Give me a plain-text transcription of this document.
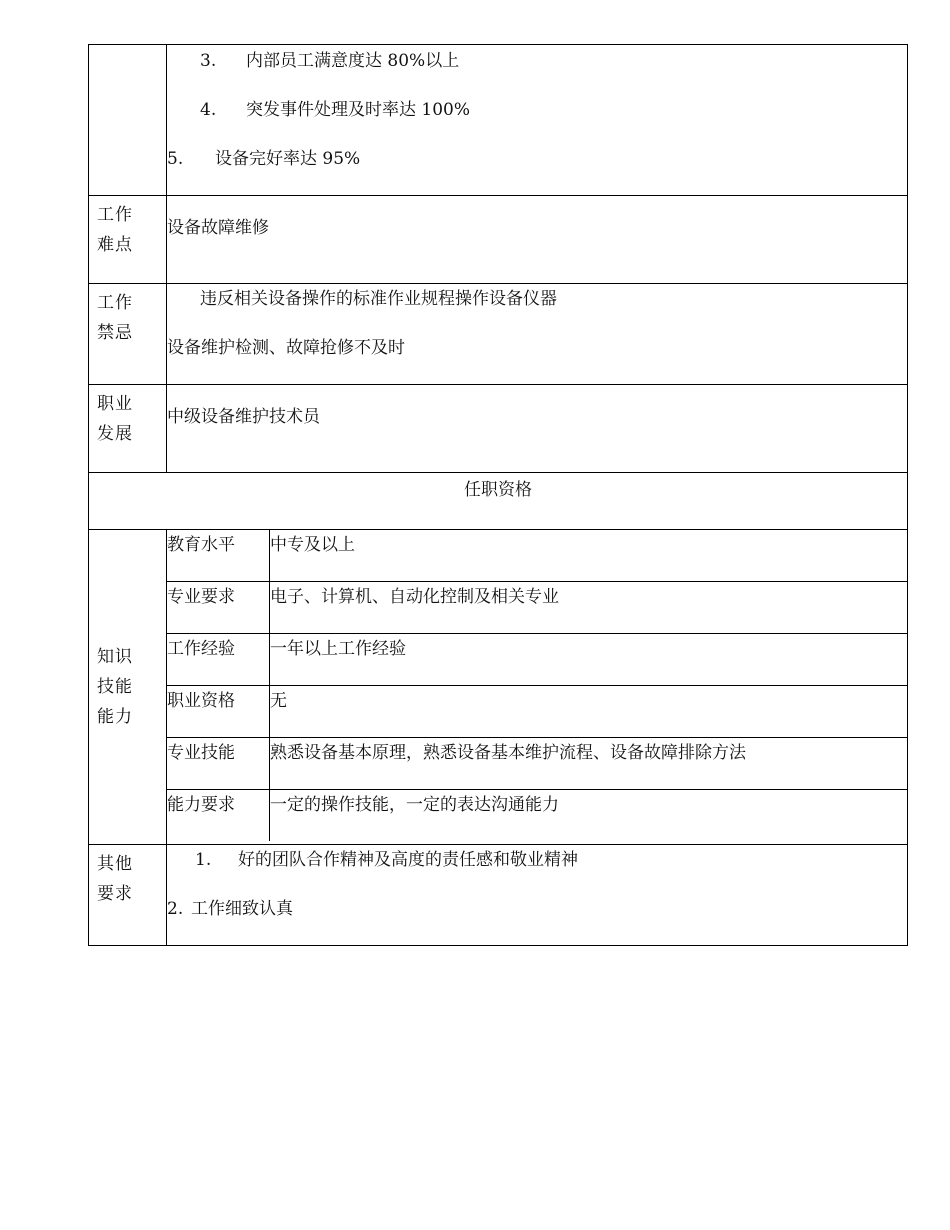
3. 内部员工满意度达 80%以上
4. 突发事件处理及时率达 100%
5. 设备完好率达 95%

工作
难点
	设备故障维修

工作
禁忌

违反相关设备操作的标准作业规程操作设备仪器
设备维护检测、故障抢修不及时

职业
发展
	中级设备维护技术员
任职资格

知识
技能
能力

教育水平	中专及以上
专业要求	电子、计算机、自动化控制及相关专业
工作经验	一年以上工作经验
职业资格	无
专业技能	熟悉设备基本原理，熟悉设备基本维护流程、设备故障排除方法
能力要求	一定的操作技能，一定的表达沟通能力

其他
要求

1. 好的团队合作精神及高度的责任感和敬业精神
2. 工作细致认真
